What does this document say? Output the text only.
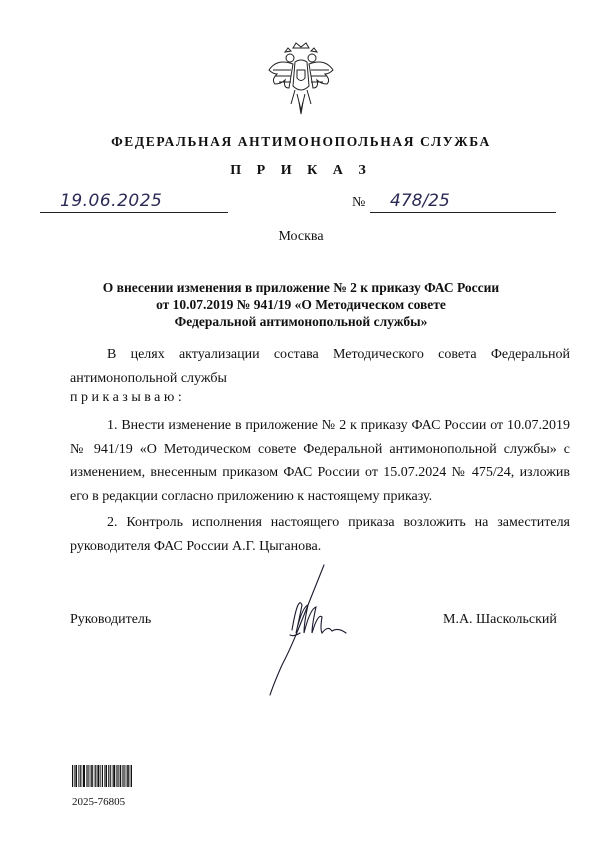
ФЕДЕРАЛЬНАЯ АНТИМОНОПОЛЬНАЯ СЛУЖБА
П Р И К А З
19.06.2025	№ 478/25
Москва
О внесении изменения в приложение № 2 к приказу ФАС России
от 10.07.2019 № 941/19 «О Методическом совете
Федеральной антимонопольной службы»
В целях актуализации состава Методического совета Федеральной
антимонопольной службы
приказываю:
1. Внести изменение в приложение № 2 к приказу ФАС России от 10.07.2019 № 941/19 «О Методическом совете Федеральной антимонопольной службы» с изменением, внесенным приказом ФАС России от 15.07.2024 № 475/24, изложив его в редакции согласно приложению к настоящему приказу.
2. Контроль исполнения настоящего приказа возложить на заместителя руководителя ФАС России А.Г. Цыганова.
Руководитель	М.А. Шаскольский
2025-76805
